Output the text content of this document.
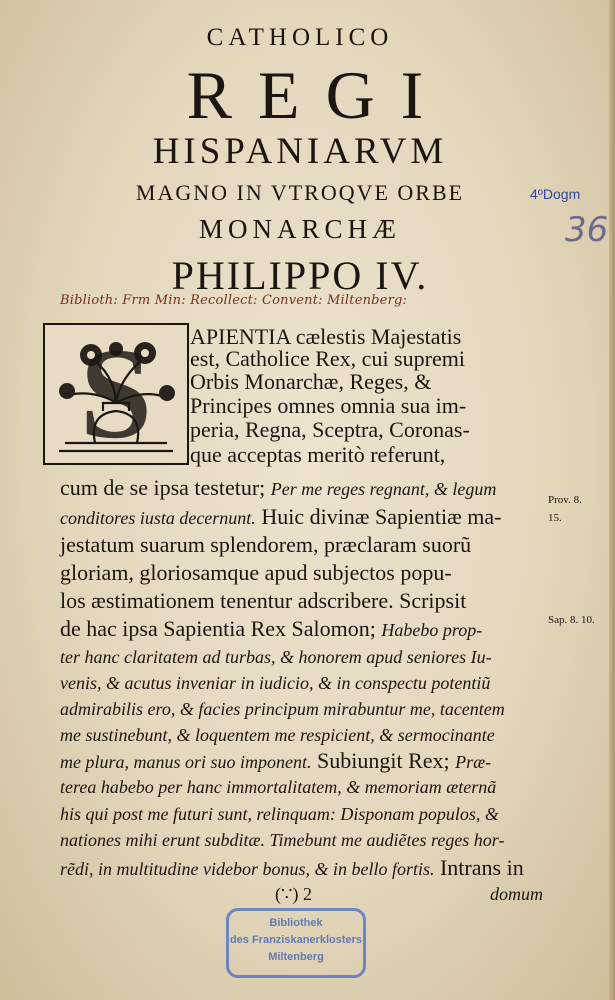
CATHOLICO
REGI
HISPANIARVM
MAGNO IN VTROQVE ORBE
MONARCHÆ
PHILIPPO IV.
4ºDogm
36
Biblioth: Frm Min: Recollect: Convent: Miltenberg:
S	APIENTIA cælestis Majestatis
est, Catholice Rex, cui supremi
Orbis Monarchæ, Reges, &
Principes omnes omnia sua im-
peria, Regna, Sceptra, Coronas-
que acceptas meritò referunt,
cum de se ipsa testetur; Per me reges regnant, & legum
conditores iusta decernunt. Huic divinæ Sapientiæ ma-
jestatum suarum splendorem, præclaram suorũ
gloriam, gloriosamque apud subjectos popu-
los æstimationem tenentur adscribere. Scripsit
de hac ipsa Sapientia Rex Salomon; Habebo prop-
ter hanc claritatem ad turbas, & honorem apud seniores Iu-
venis, & acutus inveniar in iudicio, & in conspectu potentiũ
admirabilis ero, & facies principum mirabuntur me, tacentem
me sustinebunt, & loquentem me respicient, & sermocinante
me plura, manus ori suo imponent. Subiungit Rex; Præ-
terea habebo per hanc immortalitatem, & memoriam æternã
his qui post me futuri sunt, relinquam: Disponam populos, &
nationes mihi erunt subditæ. Timebunt me audiẽtes reges hor-
rẽdi, in multitudine videbor bonus, & in bello fortis. Intrans in
Prov. 8.
15.
Sap. 8. 10.
(∵) 2	domum
Bibliothek
des Franziskanerklosters
Miltenberg
